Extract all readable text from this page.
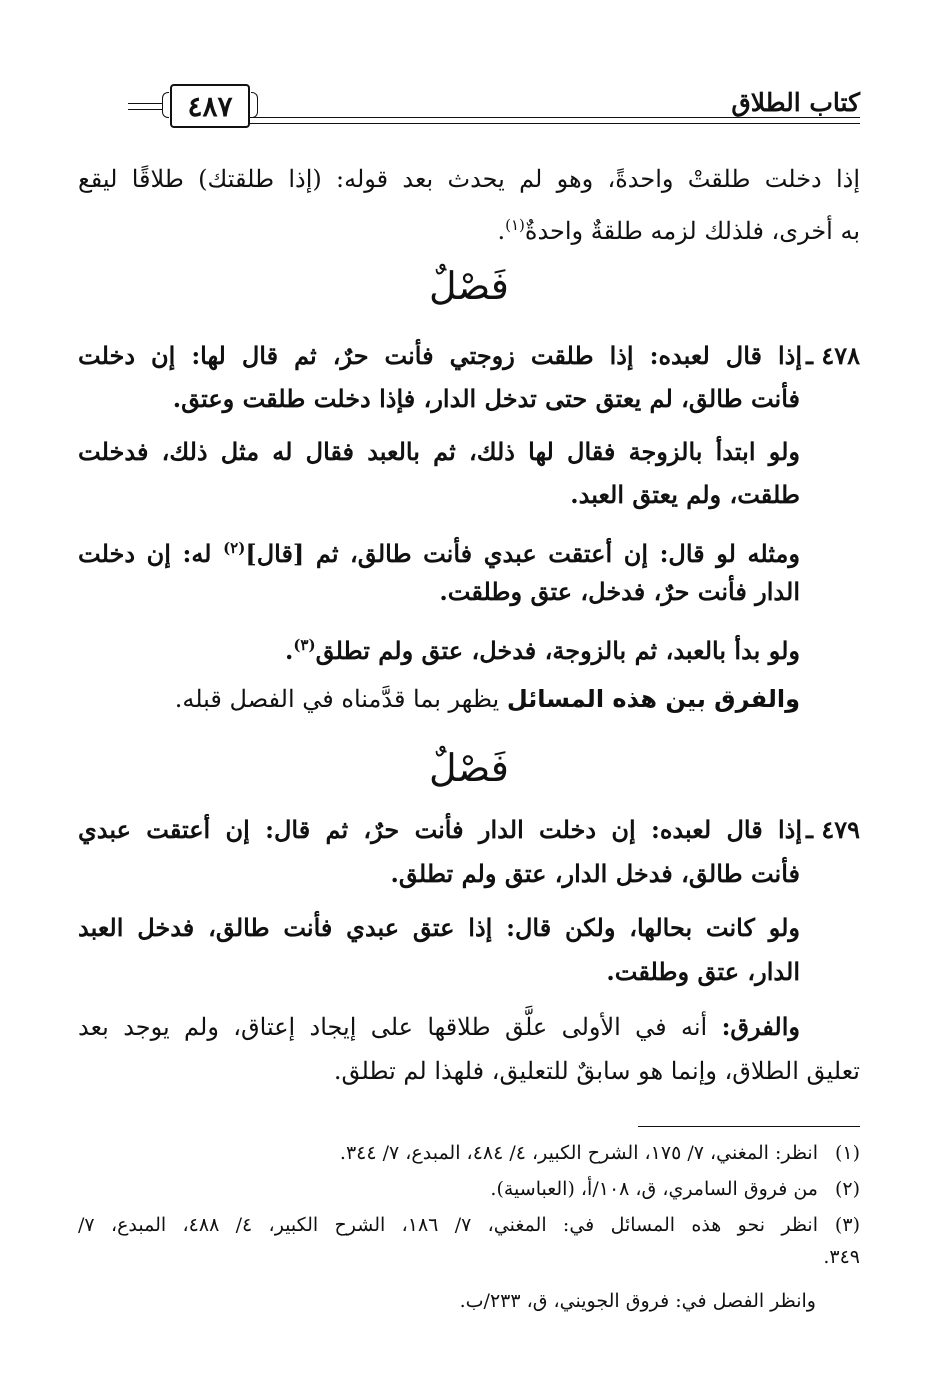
كتاب الطلاق
٤٨٧
إذا دخلت طلقتْ واحدةً، وهو لم يحدث بعد قوله: (إذا طلقتك) طلاقًا ليقع
به أخرى، فلذلك لزمه طلقةٌ واحدةٌ$^{(١)}$.
فَصْلٌ
٤٧٨ ـ
إذا قال لعبده: إذا طلقت زوجتي فأنت حرٌ، ثم قال لها: إن دخلت
فأنت طالق، لم يعتق حتى تدخل الدار، فإذا دخلت طلقت وعتق.
ولو ابتدأ بالزوجة فقال لها ذلك، ثم بالعبد فقال له مثل ذلك، فدخلت
طلقت، ولم يعتق العبد.
ومثله لو قال: إن أعتقت عبدي فأنت طالق، ثم [قال]$^{(٢)}$ له: إن دخلت
الدار فأنت حرٌ، فدخل، عتق وطلقت.
ولو بدأ بالعبد، ثم بالزوجة، فدخل، عتق ولم تطلق$^{(٣)}$.
والفرق بين هذه المسائل يظهر بما قدَّمناه في الفصل قبله.
فَصْلٌ
٤٧٩ ـ
إذا قال لعبده: إن دخلت الدار فأنت حرٌ، ثم قال: إن أعتقت عبدي
فأنت طالق، فدخل الدار، عتق ولم تطلق.
ولو كانت بحالها، ولكن قال: إذا عتق عبدي فأنت طالق، فدخل العبد
الدار، عتق وطلقت.
والفرق: أنه في الأولى علَّق طلاقها على إيجاد إعتاق، ولم يوجد بعد
تعليق الطلاق، وإنما هو سابقٌ للتعليق، فلهذا لم تطلق.
(١)انظر: المغني، ٧/ ١٧٥، الشرح الكبير، ٤/ ٤٨٤، المبدع، ٧/ ٣٤٤.
(٢)من فروق السامري، ق، ١٠٨/أ، (العباسية).
(٣)انظر نحو هذه المسائل في: المغني، ٧/ ١٨٦، الشرح الكبير، ٤/ ٤٨٨، المبدع، ٧/
٣٤٩.
وانظر الفصل في: فروق الجويني، ق، ٢٣٣/ب.
